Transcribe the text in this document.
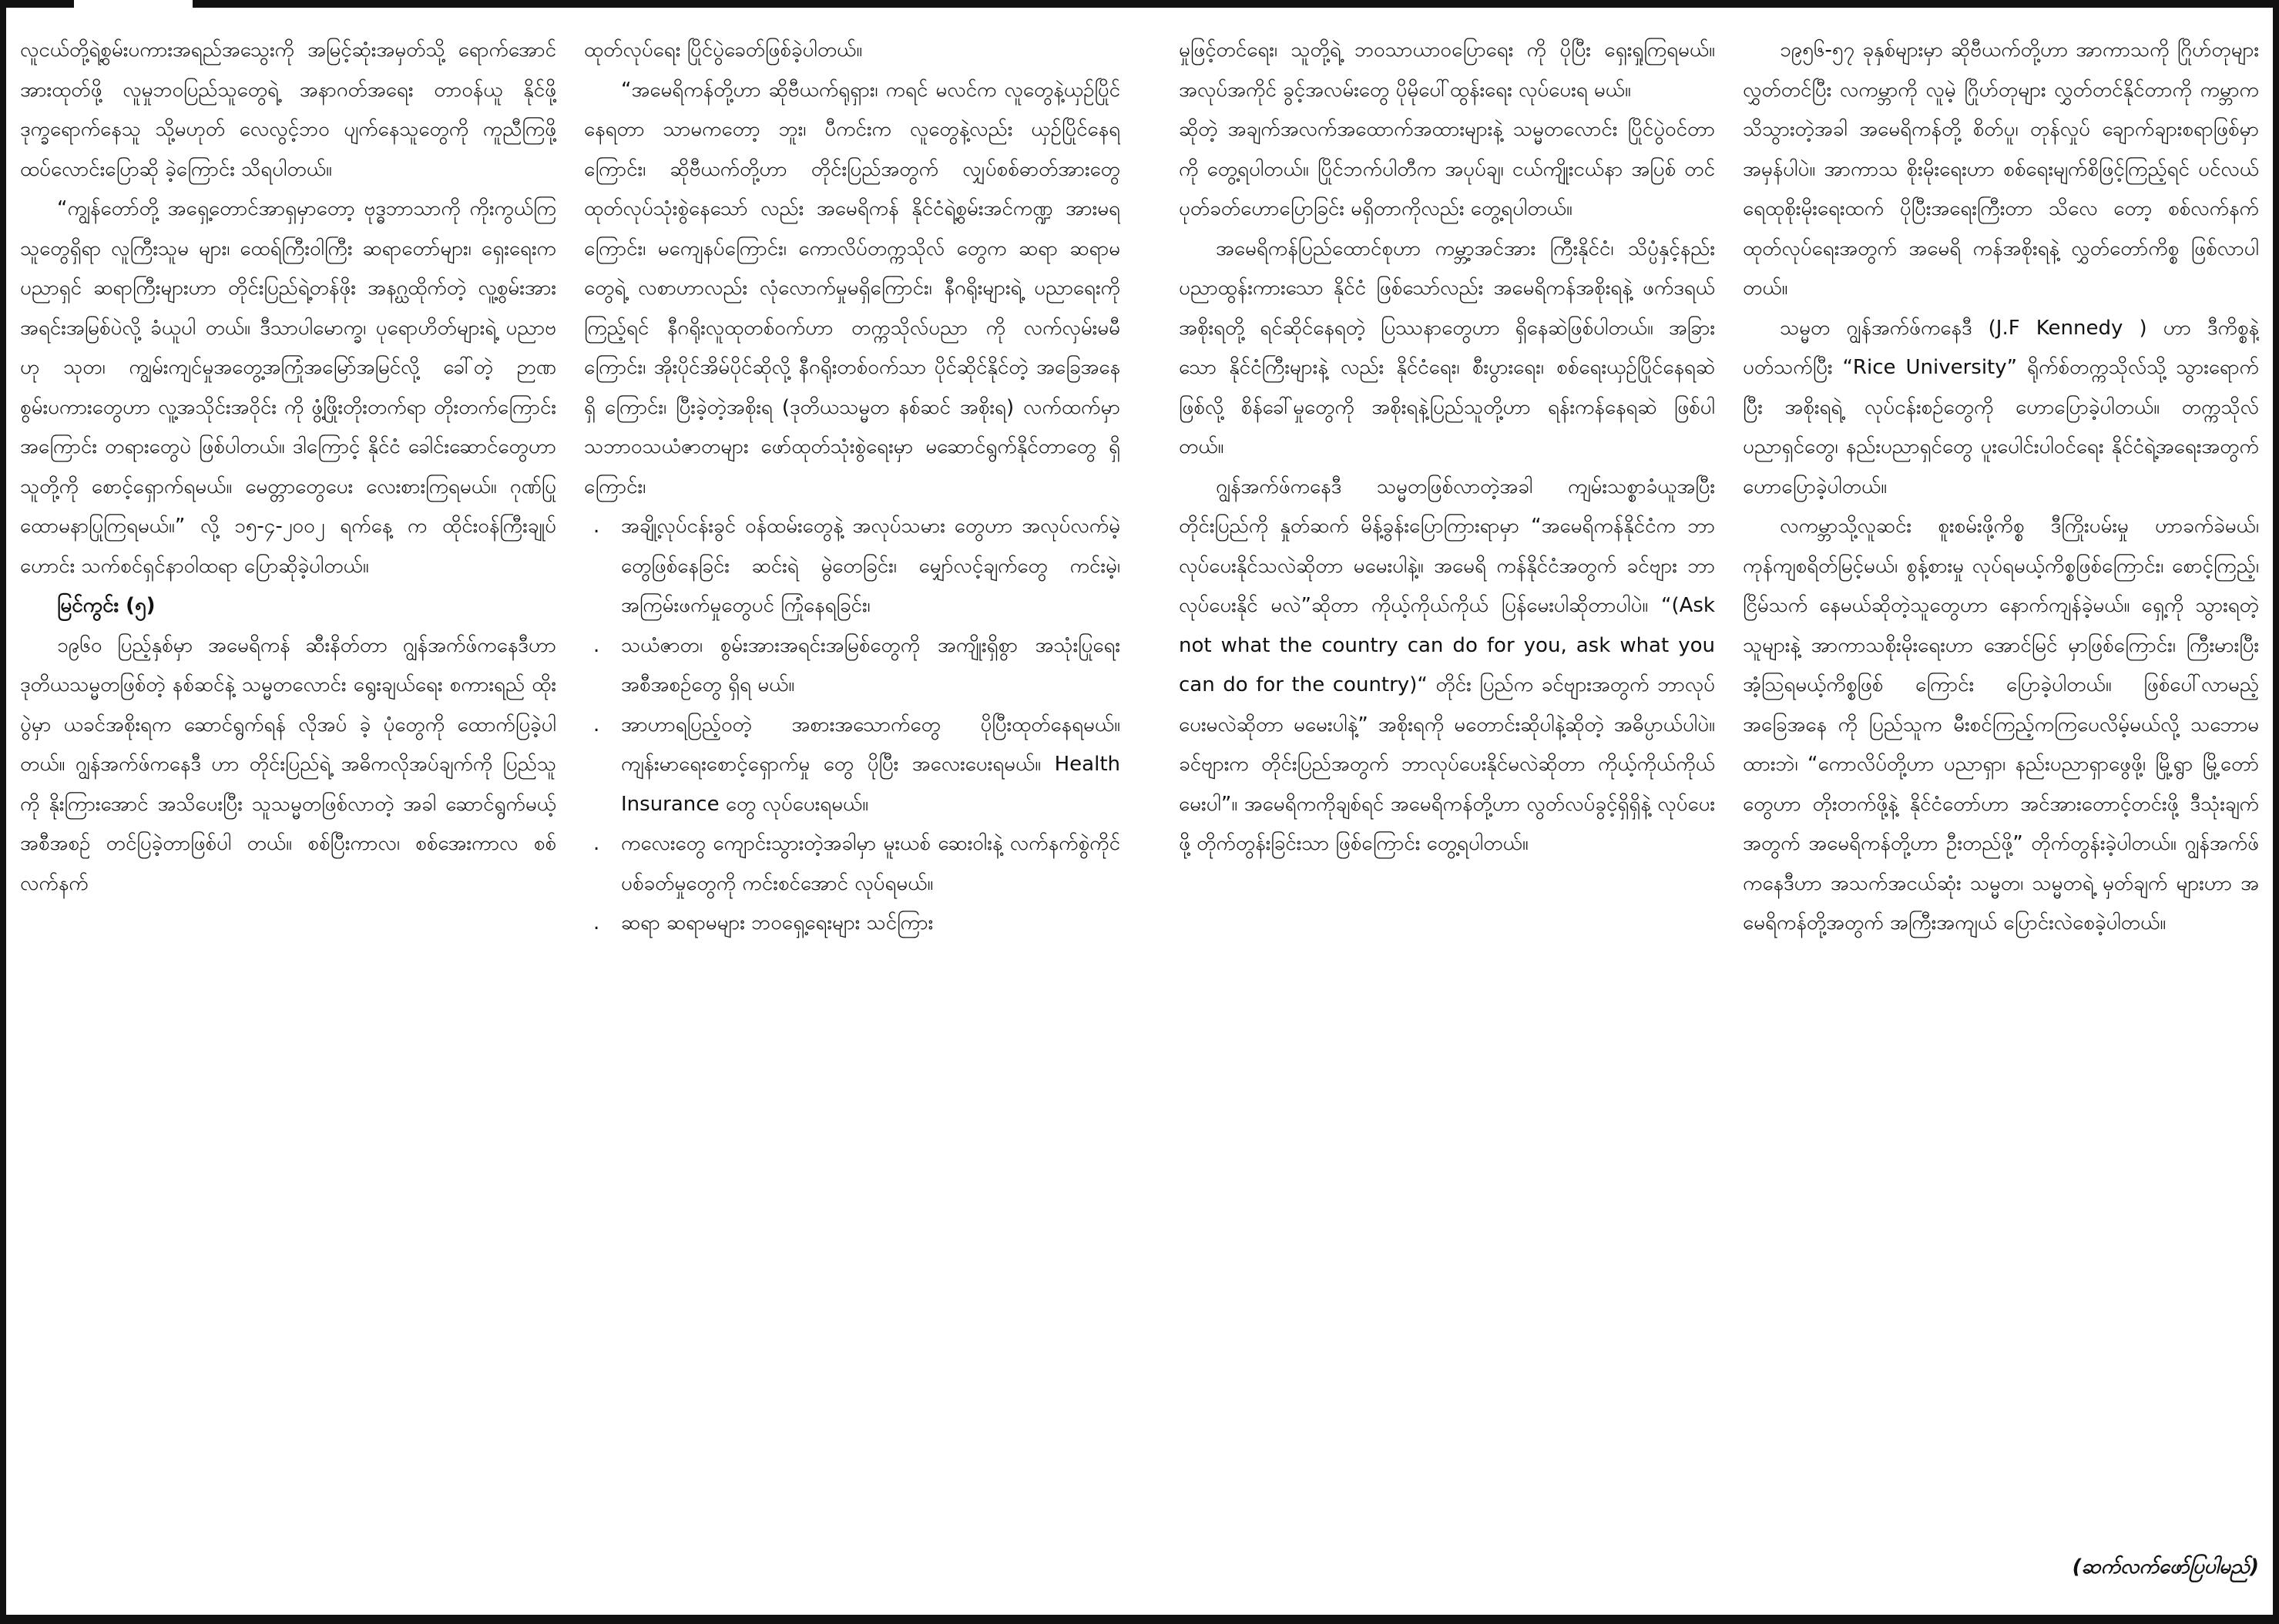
လူငယ်တို့ရဲ့စွမ်းပကားအရည်အသွေးကို အမြင့်ဆုံးအမှတ်သို့ ရောက်အောင်အားထုတ်ဖို့ လူမှုဘဝပြည်သူတွေရဲ့ အနာဂတ်အရေး တာဝန်ယူ နိုင်ဖို့ ဒုက္ခရောက်နေသူ သို့မဟုတ် လေလွင့်ဘဝ ပျက်နေသူတွေကို ကူညီကြဖို့ ထပ်လောင်းပြောဆို ခဲ့ကြောင်း သိရပါတယ်။

“ကျွန်တော်တို့ အရှေ့တောင်အာရှမှာတော့ ဗုဒ္ဓဘာသာကို ကိုးကွယ်ကြသူတွေရှိရာ လူကြီးသူမ များ၊ ထေရ်ကြီးဝါကြီး ဆရာတော်များ၊ ရှေးရေးက ပညာရှင် ဆရာကြီးများဟာ တိုင်းပြည်ရဲ့တန်ဖိုး အနဂ္ဃထိုက်တဲ့ လူ့စွမ်းအားအရင်းအမြစ်ပဲလို့ ခံယူပါ တယ်။ ဒီသာပါမောက္ခ၊ ပုရောဟိတ်များရဲ့ ပညာဗဟု သုတ၊ ကျွမ်းကျင်မှုအတွေ့အကြုံအမြော်အမြင်လို့ ခေါ်တဲ့ ဉာဏစွမ်းပကားတွေဟာ လူ့အသိုင်းအဝိုင်း ကို ဖွံ့ဖြိုးတိုးတက်ရာ တိုးတက်ကြောင်း အကြောင်း တရားတွေပဲ ဖြစ်ပါတယ်။ ဒါကြောင့် နိုင်ငံ ခေါင်းဆောင်တွေဟာ သူတို့ကို စောင့်ရှောက်ရမယ်။ မေတ္တာတွေပေး လေးစားကြရမယ်။ ဂုဏ်ပြု ထောမနာပြုကြရမယ်။” လို့ ၁၅-၄-၂၀၀၂ ရက်နေ့ က ထိုင်းဝန်ကြီးချုပ်ဟောင်း သက်စင်ရှင်နာဝါထရာ ပြောဆိုခဲ့ပါတယ်။

မြင်ကွင်း (၅)

၁၉၆၀ ပြည့်နှစ်မှာ အမေရိကန် ဆီးနိတ်တာ ဂျွန်အက်ဖ်ကနေဒီဟာ ဒုတိယသမ္မတဖြစ်တဲ့ နစ်ဆင်နဲ့ သမ္မတလောင်း ရွေးချယ်ရေး စကားရည် ထိုးပွဲမှာ ယခင်အစိုးရက ဆောင်ရွက်ရန် လိုအပ် ခဲ့ ပုံတွေကို ထောက်ပြခဲ့ပါတယ်။ ဂျွန်အက်ဖ်ကနေဒီ ဟာ တိုင်းပြည်ရဲ့ အဓိကလိုအပ်ချက်ကို ပြည်သူကို နိုးကြားအောင် အသိပေးပြီး သူသမ္မတဖြစ်လာတဲ့ အခါ ဆောင်ရွက်မယ့်အစီအစဉ် တင်ပြခဲ့တာဖြစ်ပါ တယ်။ စစ်ပြီးကာလ၊ စစ်အေးကာလ စစ်လက်နက်

ထုတ်လုပ်ရေး ပြိုင်ပွဲခေတ်ဖြစ်ခဲ့ပါတယ်။

“အမေရိကန်တို့ဟာ ဆိုဗီယက်ရုရှား၊ ကရင် မလင်က လူတွေနဲ့ယှဉ်ပြိုင်နေရတာ သာမကတော့ ဘူး၊ ပီကင်းက လူတွေနဲ့လည်း ယှဉ်ပြိုင်နေရ ကြောင်း၊ ဆိုဗီယက်တို့ဟာ တိုင်းပြည်အတွက် လျှပ်စစ်ဓာတ်အားတွေ ထုတ်လုပ်သုံးစွဲနေသော် လည်း အမေရိကန် နိုင်ငံရဲ့စွမ်းအင်ကဏ္ဍ အားမရ ကြောင်း၊ မကျေနပ်ကြောင်း၊ ကောလိပ်တက္ကသိုလ် တွေက ဆရာ ဆရာမတွေရဲ့ လစာဟာလည်း လုံလောက်မှုမရှိကြောင်း၊ နီဂရိုးများရဲ့ ပညာရေးကို ကြည့်ရင် နီဂရိုးလူထုတစ်ဝက်ဟာ တက္ကသိုလ်ပညာ ကို လက်လှမ်းမမီကြောင်း၊ အိုးပိုင်အိမ်ပိုင်ဆိုလို့ နီဂရိုးတစ်ဝက်သာ ပိုင်ဆိုင်နိုင်တဲ့ အခြေအနေရှိ ကြောင်း၊ ပြီးခဲ့တဲ့အစိုးရ (ဒုတိယသမ္မတ နစ်ဆင် အစိုးရ) လက်ထက်မှာ သဘာဝသယံဇာတများ ဖော်ထုတ်သုံးစွဲရေးမှာ မဆောင်ရွက်နိုင်တာတွေ ရှိကြောင်း၊

. အချို့လုပ်ငန်းခွင် ဝန်ထမ်းတွေနဲ့ အလုပ်သမား တွေဟာ အလုပ်လက်မဲ့တွေဖြစ်နေခြင်း ဆင်းရဲ မွဲတေခြင်း၊ မျှော်လင့်ချက်တွေ ကင်းမဲ့၊ အကြမ်းဖက်မှုတွေပင် ကြုံနေရခြင်း၊
. သယံဇာတ၊ စွမ်းအားအရင်းအမြစ်တွေကို အကျိုးရှိစွာ အသုံးပြုရေးအစီအစဉ်တွေ ရှိရ မယ်။
. အာဟာရပြည့်ဝတဲ့ အစားအသောက်တွေ ပိုပြီးထုတ်နေရမယ်။ ကျန်းမာရေးစောင့်ရှောက်မှု တွေ ပိုပြီး အလေးပေးရမယ်။ Health Insurance တွေ လုပ်ပေးရမယ်။
. ကလေးတွေ ကျောင်းသွားတဲ့အခါမှာ မူးယစ် ဆေးဝါးနဲ့ လက်နက်စွဲကိုင် ပစ်ခတ်မှုတွေကို ကင်းစင်အောင် လုပ်ရမယ်။
. ဆရာ ဆရာမများ ဘဝရှေ့ရေးများ သင်ကြား

မှုဖြင့်တင်ရေး၊ သူတို့ရဲ့ ဘဝသာယာဝပြောရေး ကို ပိုပြီး ရှေးရှုကြရမယ်။ အလုပ်အကိုင် ခွင့်အလမ်းတွေ ပိုမိုပေါ်ထွန်းရေး လုပ်ပေးရ မယ်။

ဆိုတဲ့ အချက်အလက်အထောက်အထားများနဲ့ သမ္မတလောင်း ပြိုင်ပွဲဝင်တာကို တွေ့ရပါတယ်။ ပြိုင်ဘက်ပါတီက အပုပ်ချ၊ ငယ်ကျိုးငယ်နာ အပြစ် တင် ပုတ်ခတ်ဟောပြောခြင်း မရှိတာကိုလည်း တွေ့ရပါတယ်။

အမေရိကန်ပြည်ထောင်စုဟာ ကမ္ဘာ့အင်အား ကြီးနိုင်ငံ၊ သိပ္ပံနှင့်နည်းပညာထွန်းကားသော နိုင်ငံ ဖြစ်သော်လည်း အမေရိကန်အစိုးရနဲ့ ဖက်ဒရယ် အစိုးရတို့ ရင်ဆိုင်နေရတဲ့ ပြဿနာတွေဟာ ရှိနေဆဲဖြစ်ပါတယ်။ အခြားသော နိုင်ငံကြီးများနဲ့ လည်း နိုင်ငံရေး၊ စီးပွားရေး၊ စစ်ရေးယှဉ်ပြိုင်နေရဆဲ ဖြစ်လို့ စိန်ခေါ်မှုတွေကို အစိုးရနဲ့ပြည်သူတို့ဟာ ရန်းကန်နေရဆဲ ဖြစ်ပါတယ်။

ဂျွန်အက်ဖ်ကနေဒီ သမ္မတဖြစ်လာတဲ့အခါ ကျမ်းသစ္စာခံယူအပြီး တိုင်းပြည်ကို နှုတ်ဆက် မိန့်ခွန်းပြောကြားရာမှာ “အမေရိကန်နိုင်ငံက ဘာလုပ်ပေးနိုင်သလဲဆိုတာ မမေးပါနဲ့။ အမေရိ ကန်နိုင်ငံအတွက် ခင်ဗျား ဘာလုပ်ပေးနိုင် မလဲ”ဆိုတာ ကိုယ့်ကိုယ်ကိုယ် ပြန်မေးပါဆိုတာပါပဲ။ “(Ask not what the country can do for you, ask what you can do for the country)“ တိုင်း ပြည်က ခင်ဗျားအတွက် ဘာလုပ်ပေးမလဲဆိုတာ မမေးပါနဲ့” အစိုးရကို မတောင်းဆိုပါနဲ့ဆိုတဲ့ အဓိပ္ပာယ်ပါပဲ။ ခင်ဗျားက တိုင်းပြည်အတွက် ဘာလုပ်ပေးနိုင်မလဲဆိုတာ ကိုယ့်ကိုယ်ကိုယ် မေးပါ”။ အမေရိကကိုချစ်ရင် အမေရိကန်တို့ဟာ လွတ်လပ်ခွင့်ရှိရှိနဲ့ လုပ်ပေးဖို့ တိုက်တွန်းခြင်းသာ ဖြစ်ကြောင်း တွေ့ရပါတယ်။

၁၉၅၆-၅၇ ခုနှစ်များမှာ ဆိုဗီယက်တို့ဟာ အာကာသကို ဂြိုဟ်တုများ လွှတ်တင်ပြီး လကမ္ဘာကို လူမဲ့ ဂြိုဟ်တုများ လွှတ်တင်နိုင်တာကို ကမ္ဘာက သိသွားတဲ့အခါ အမေရိကန်တို့ စိတ်ပူ၊ တုန်လှုပ် ချောက်ချားစရာဖြစ်မှာ အမှန်ပါပဲ။ အာကာသ စိုးမိုးရေးဟာ စစ်ရေးမျက်စိဖြင့်ကြည့်ရင် ပင်လယ် ရေထုစိုးမိုးရေးထက် ပိုပြီးအရေးကြီးတာ သိလေ တော့ စစ်လက်နက်ထုတ်လုပ်ရေးအတွက် အမေရိ ကန်အစိုးရနဲ့ လွှတ်တော်ကိစ္စ ဖြစ်လာပါတယ်။

သမ္မတ ဂျွန်အက်ဖ်ကနေဒီ (J.F Kennedy ) ဟာ ဒီကိစ္စနဲ့ ပတ်သက်ပြီး “Rice University” ရိုက်စ်တက္ကသိုလ်သို့ သွားရောက်ပြီး အစိုးရရဲ့ လုပ်ငန်းစဉ်တွေကို ဟောပြောခဲ့ပါတယ်။ တက္ကသိုလ် ပညာရှင်တွေ၊ နည်းပညာရှင်တွေ ပူးပေါင်းပါဝင်ရေး နိုင်ငံရဲ့အရေးအတွက် ဟောပြောခဲ့ပါတယ်။

လကမ္ဘာသို့လူဆင်း စူးစမ်းဖို့ကိစ္စ ဒီကြိုးပမ်းမှု ဟာခက်ခဲမယ်၊ ကုန်ကျစရိတ်မြင့်မယ်၊ စွန့်စားမှု လုပ်ရမယ့်ကိစ္စဖြစ်ကြောင်း၊ စောင့်ကြည့်၊ ငြိမ်သက် နေမယ်ဆိုတဲ့သူတွေဟာ နောက်ကျန်ခဲ့မယ်။ ရှေ့ကို သွားရတဲ့သူများနဲ့ အာကာသစိုးမိုးရေးဟာ အောင်မြင် မှာဖြစ်ကြောင်း၊ ကြီးမားပြီး အံ့ဩရမယ့်ကိစ္စဖြစ် ကြောင်း ပြောခဲ့ပါတယ်။ ဖြစ်ပေါ်လာမည့်အခြေအနေ ကို ပြည်သူက မီးစင်ကြည့်ကကြပေလိမ့်မယ်လို့ သဘောမထားဘဲ၊ “ကောလိပ်တို့ဟာ ပညာရှာ၊ နည်းပညာရှာဖွေဖို့၊ မြို့ရွာ မြို့တော်တွေဟာ တိုးတက်ဖို့နဲ့ နိုင်ငံတော်ဟာ အင်အားတောင့်တင်းဖို့ ဒီသုံးချက်အတွက် အမေရိကန်တို့ဟာ ဦးတည်ဖို့” တိုက်တွန်းခဲ့ပါတယ်။ ဂျွန်အက်ဖ် ကနေဒီဟာ အသက်အငယ်ဆုံး သမ္မတ၊ သမ္မတရဲ့ မှတ်ချက် များဟာ အမေရိကန်တို့အတွက် အကြီးအကျယ် ပြောင်းလဲစေခဲ့ပါတယ်။

(ဆက်လက်ဖော်ပြပါမည်)
